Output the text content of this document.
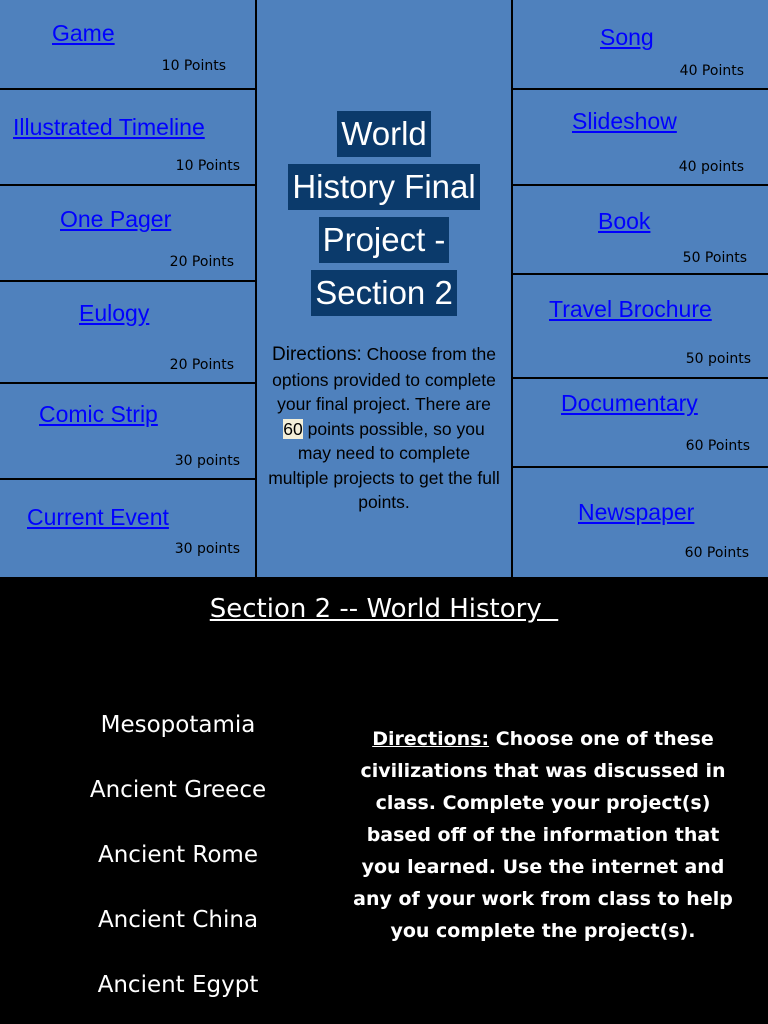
Game
10 Points
Illustrated Timeline
10 Points
One Pager
20 Points
Eulogy
20 Points
Comic Strip
30 points
Current Event
30 points
World
History Final
Project -
Section 2
Directions: Choose from the options provided to complete your final project. There are 60 points possible, so you may need to complete multiple projects to get the full points.
Song
40 Points
Slideshow
40 points
Book
50 Points
Travel Brochure
50 points
Documentary
60 Points
Newspaper
60 Points
Section 2 -- World History
Mesopotamia
Ancient Greece
Ancient Rome
Ancient China
Ancient Egypt
Directions: Choose one of these civilizations that was discussed in class. Complete your project(s) based off of the information that you learned. Use the internet and any of your work from class to help you complete the project(s).
